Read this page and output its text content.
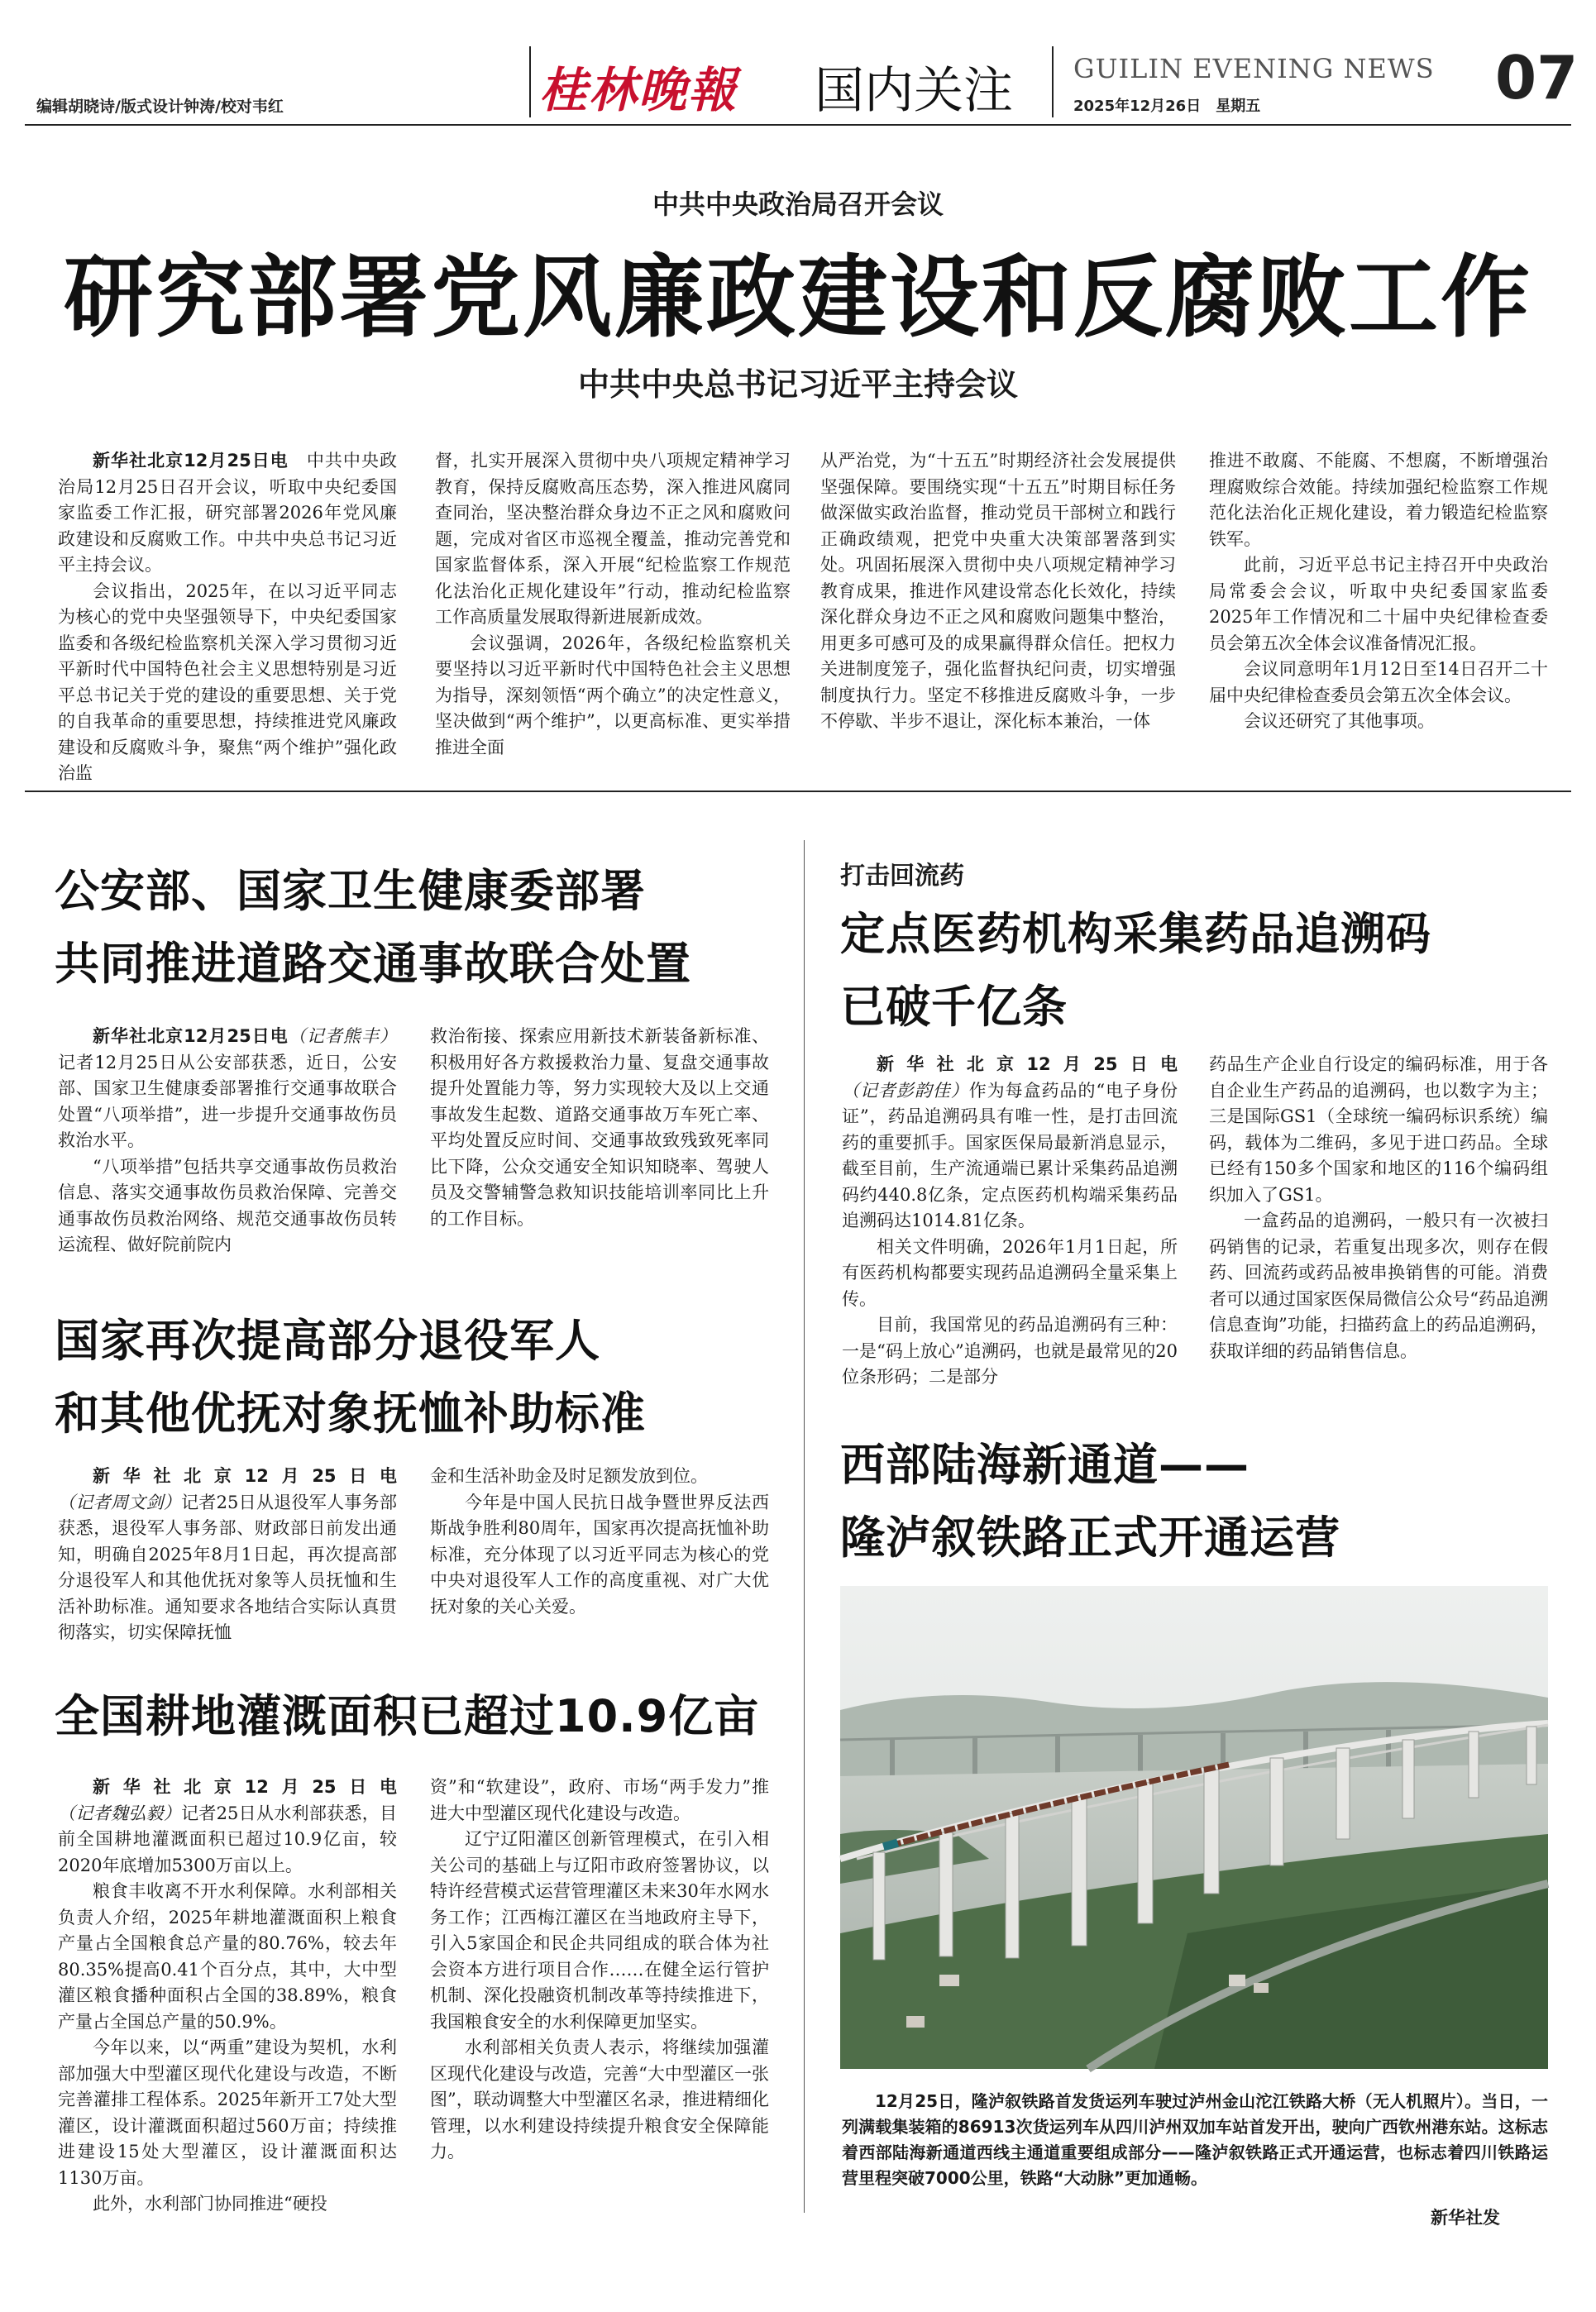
编辑胡晓诗/版式设计钟涛/校对韦红	桂林晚報 国内关注 GUILIN EVENING NEWS
2025年12月26日　星期五	07
中共中央政治局召开会议
研究部署党风廉政建设和反腐败工作
中共中央总书记习近平主持会议

新华社北京12月25日电　 中共中央政治局12月25日召开会议，听取中央纪委国家监委工作汇报，研究部署2026年党风廉政建设和反腐败工作。中共中央总书记习近平主持会议。

会议指出，2025年，在以习近平同志为核心的党中央坚强领导下，中央纪委国家监委和各级纪检监察机关深入学习贯彻习近平新时代中国特色社会主义思想特别是习近平总书记关于党的建设的重要思想、关于党的自我革命的重要思想，持续推进党风廉政建设和反腐败斗争，聚焦“两个维护”强化政治监

督，扎实开展深入贯彻中央八项规定精神学习教育，保持反腐败高压态势，深入推进风腐同查同治，坚决整治群众身边不正之风和腐败问题，完成对省区市巡视全覆盖，推动完善党和国家监督体系，深入开展“纪检监察工作规范化法治化正规化建设年”行动，推动纪检监察工作高质量发展取得新进展新成效。

会议强调，2026年，各级纪检监察机关要坚持以习近平新时代中国特色社会主义思想为指导，深刻领悟“两个确立”的决定性意义，坚决做到“两个维护”，以更高标准、更实举措推进全面

从严治党，为“十五五”时期经济社会发展提供坚强保障。要围绕实现“十五五”时期目标任务做深做实政治监督，推动党员干部树立和践行正确政绩观，把党中央重大决策部署落到实处。巩固拓展深入贯彻中央八项规定精神学习教育成果，推进作风建设常态化长效化，持续深化群众身边不正之风和腐败问题集中整治，用更多可感可及的成果赢得群众信任。把权力关进制度笼子，强化监督执纪问责，切实增强制度执行力。坚定不移推进反腐败斗争，一步不停歇、半步不退让，深化标本兼治，一体

推进不敢腐、不能腐、不想腐，不断增强治理腐败综合效能。持续加强纪检监察工作规范化法治化正规化建设，着力锻造纪检监察铁军。

此前，习近平总书记主持召开中央政治局常委会会议，听取中央纪委国家监委2025年工作情况和二十届中央纪律检查委员会第五次全体会议准备情况汇报。

会议同意明年1月12日至14日召开二十届中央纪律检查委员会第五次全体会议。

会议还研究了其他事项。

公安部、国家卫生健康委部署
共同推进道路交通事故联合处置

新华社北京12月25日电（记者熊丰）记者12月25日从公安部获悉，近日，公安部、国家卫生健康委部署推行交通事故联合处置“八项举措”，进一步提升交通事故伤员救治水平。

“八项举措”包括共享交通事故伤员救治信息、落实交通事故伤员救治保障、完善交通事故伤员救治网络、规范交通事故伤员转运流程、做好院前院内

救治衔接、探索应用新技术新装备新标准、积极用好各方救援救治力量、复盘交通事故提升处置能力等，努力实现较大及以上交通事故发生起数、道路交通事故万车死亡率、平均处置反应时间、交通事故致残致死率同比下降，公众交通安全知识知晓率、驾驶人员及交警辅警急救知识技能培训率同比上升的工作目标。

国家再次提高部分退役军人
和其他优抚对象抚恤补助标准

新华社北京12月25日电（记者周文剑）记者25日从退役军人事务部获悉，退役军人事务部、财政部日前发出通知，明确自2025年8月1日起，再次提高部分退役军人和其他优抚对象等人员抚恤和生活补助标准。通知要求各地结合实际认真贯彻落实，切实保障抚恤

金和生活补助金及时足额发放到位。

今年是中国人民抗日战争暨世界反法西斯战争胜利80周年，国家再次提高抚恤补助标准，充分体现了以习近平同志为核心的党中央对退役军人工作的高度重视、对广大优抚对象的关心关爱。

全国耕地灌溉面积已超过10.9亿亩

新华社北京12月25日电（记者魏弘毅）记者25日从水利部获悉，目前全国耕地灌溉面积已超过10.9亿亩，较2020年底增加5300万亩以上。

粮食丰收离不开水利保障。水利部相关负责人介绍，2025年耕地灌溉面积上粮食产量占全国粮食总产量的80.76%，较去年80.35%提高0.41个百分点，其中，大中型灌区粮食播种面积占全国的38.89%，粮食产量占全国总产量的50.9%。

今年以来，以“两重”建设为契机，水利部加强大中型灌区现代化建设与改造，不断完善灌排工程体系。2025年新开工7处大型灌区，设计灌溉面积超过560万亩；持续推进建设15处大型灌区，设计灌溉面积达1130万亩。

此外，水利部门协同推进“硬投

资”和“软建设”，政府、市场“两手发力”推进大中型灌区现代化建设与改造。

辽宁辽阳灌区创新管理模式，在引入相关公司的基础上与辽阳市政府签署协议，以特许经营模式运营管理灌区未来30年水网水务工作；江西梅江灌区在当地政府主导下，引入5家国企和民企共同组成的联合体为社会资本方进行项目合作……在健全运行管护机制、深化投融资机制改革等持续推进下，我国粮食安全的水利保障更加坚实。

水利部相关负责人表示，将继续加强灌区现代化建设与改造，完善“大中型灌区一张图”，联动调整大中型灌区名录，推进精细化管理，以水利建设持续提升粮食安全保障能力。

打击回流药
定点医药机构采集药品追溯码
已破千亿条

新华社北京12月25日电（记者彭韵佳）作为每盒药品的“电子身份证”，药品追溯码具有唯一性，是打击回流药的重要抓手。国家医保局最新消息显示，截至目前，生产流通端已累计采集药品追溯码约440.8亿条，定点医药机构端采集药品追溯码达1014.81亿条。

相关文件明确，2026年1月1日起，所有医药机构都要实现药品追溯码全量采集上传。

目前，我国常见的药品追溯码有三种：一是“码上放心”追溯码，也就是最常见的20位条形码；二是部分

药品生产企业自行设定的编码标准，用于各自企业生产药品的追溯码，也以数字为主；三是国际GS1（全球统一编码标识系统）编码，载体为二维码，多见于进口药品。全球已经有150多个国家和地区的116个编码组织加入了GS1。

一盒药品的追溯码，一般只有一次被扫码销售的记录，若重复出现多次，则存在假药、回流药或药品被串换销售的可能。消费者可以通过国家医保局微信公众号“药品追溯信息查询”功能，扫描药盒上的药品追溯码，获取详细的药品销售信息。

西部陆海新通道——
隆泸叙铁路正式开通运营

12月25日，隆泸叙铁路首发货运列车驶过泸州金山沱江铁路大桥（无人机照片）。当日，一列满载集装箱的86913次货运列车从四川泸州双加车站首发开出，驶向广西钦州港东站。这标志着西部陆海新通道西线主通道重要组成部分——隆泸叙铁路正式开通运营，也标志着四川铁路运营里程突破7000公里，铁路“大动脉”更加通畅。

新华社发
